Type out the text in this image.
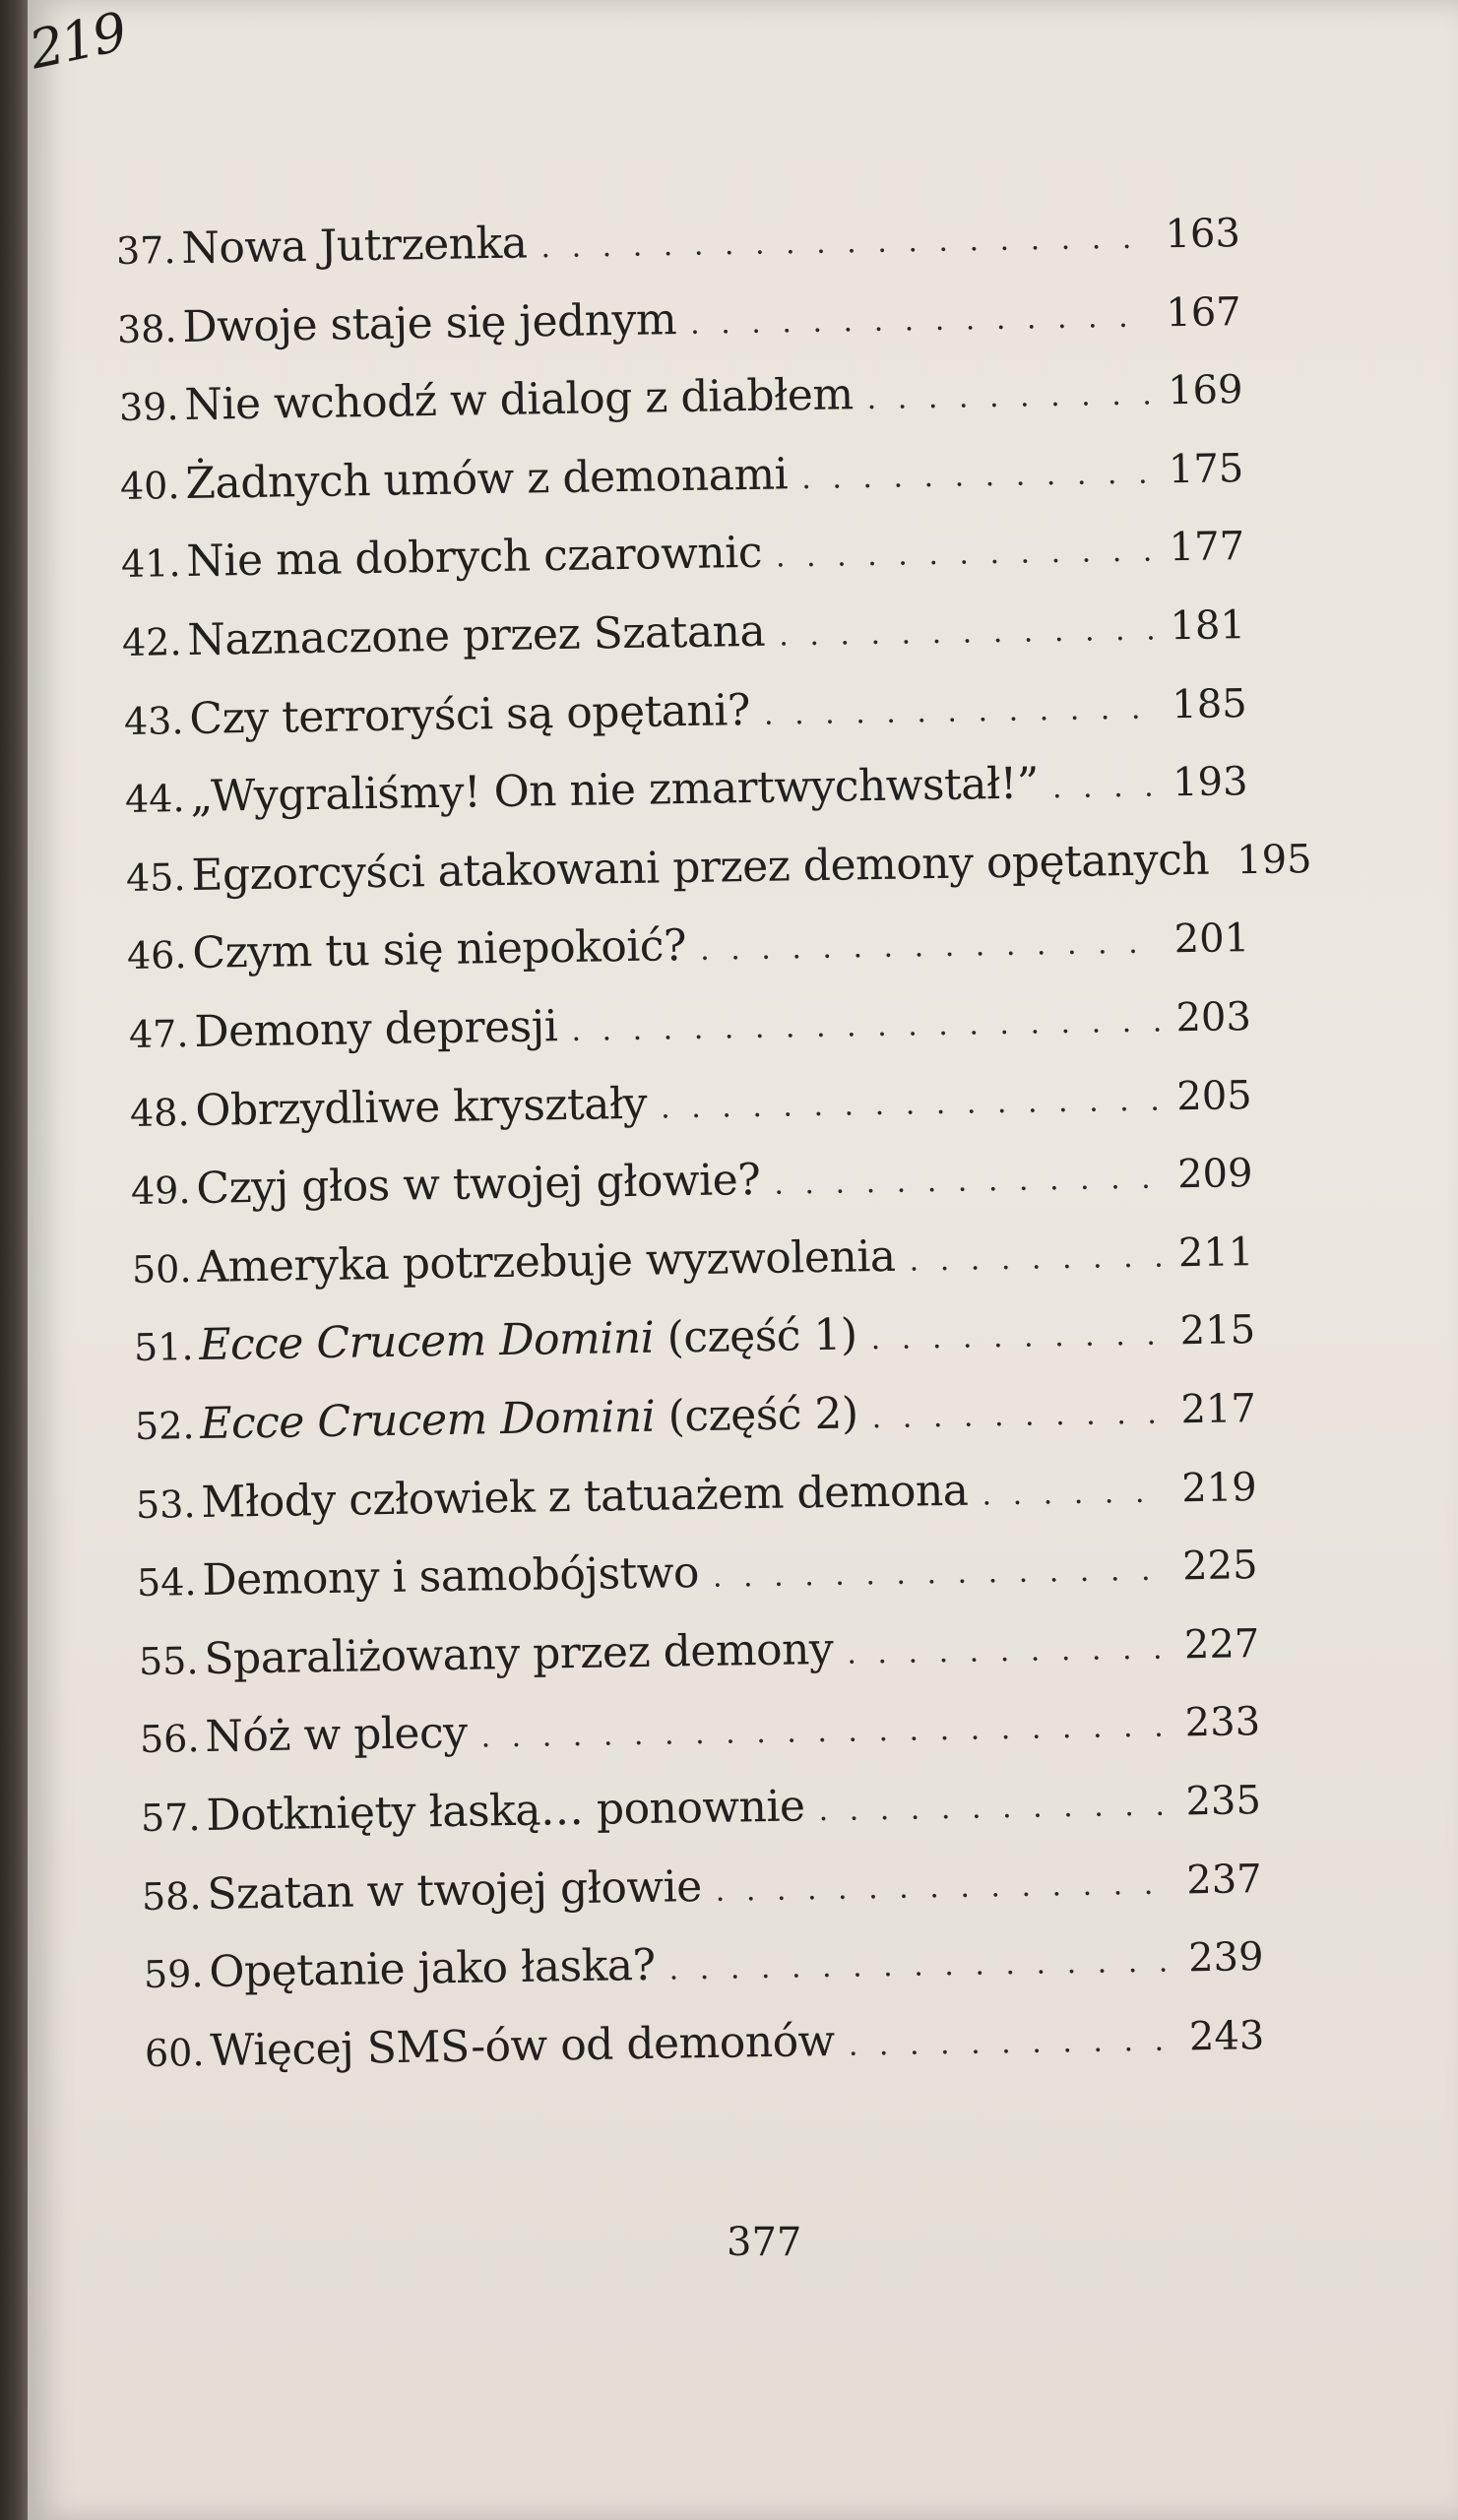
219
37. Nowa Jutrzenka . . .	163
38. Dwoje staje się jednym . . .	167
39. Nie wchodź w dialog z diabłem . . .	169
40. Żadnych umów z demonami . . .	175
41. Nie ma dobrych czarownic . . .	177
42. Naznaczone przez Szatana . . .	181
43. Czy terroryści są opętani? . . .	185
44. „Wygraliśmy! On nie zmartwychwstał!” . . .	193
45. Egzorcyści atakowani przez demony opętanych . . . 195
46. Czym tu się niepokoić? . . .	201
47. Demony depresji . . .	203
48. Obrzydliwe kryształy . . .	205
49. Czyj głos w twojej głowie? . . .	209
50. Ameryka potrzebuje wyzwolenia . . .	211
51. Ecce Crucem Domini (część 1) . . .	215
52. Ecce Crucem Domini (część 2) . . .	217
53. Młody człowiek z tatuażem demona . . .	219
54. Demony i samobójstwo . . .	225
55. Sparaliżowany przez demony . . .	227
56. Nóż w plecy . . .	233
57. Dotknięty łaską… ponownie . . .	235
58. Szatan w twojej głowie . . .	237
59. Opętanie jako łaska? . . .	239
60. Więcej SMS-ów od demonów . . .	243
377
